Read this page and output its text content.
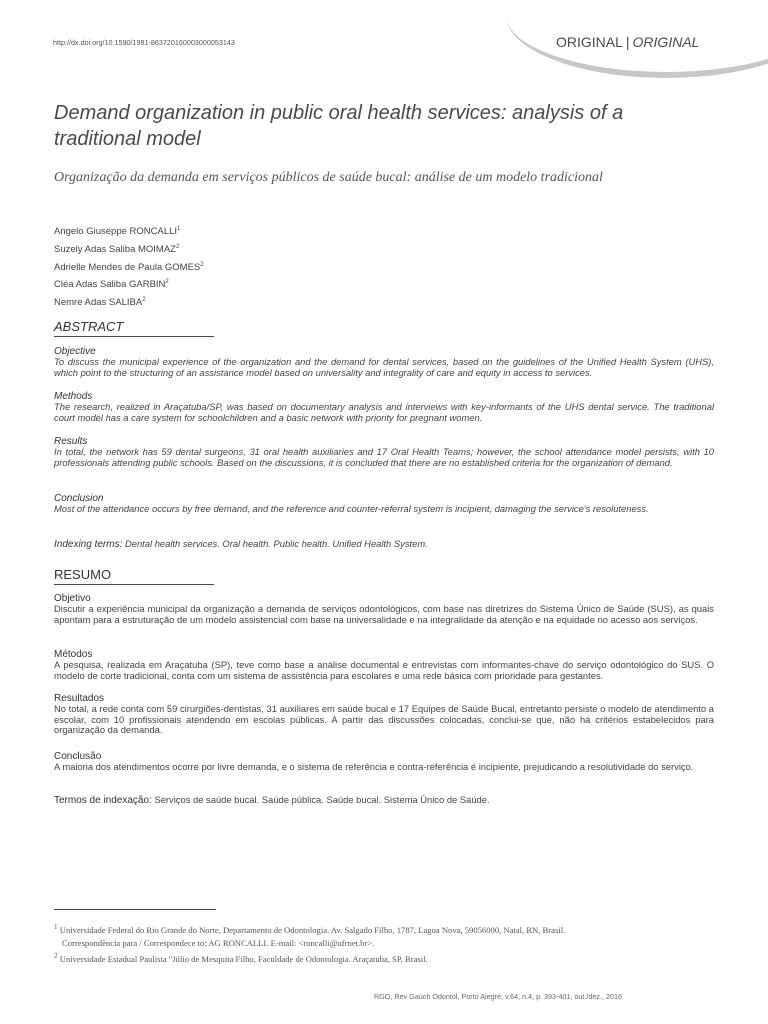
http://dx.doi.org/10.1590/1981-863720160003000053143	ORIGINAL | ORIGINAL
Demand organization in public oral health services: analysis of a traditional model
Organização da demanda em serviços públicos de saúde bucal: análise de um modelo tradicional
Angelo Giuseppe RONCALLI$^1$
Suzely Adas Saliba MOIMAZ$^2$
Adrielle Mendes de Paula GOMES$^2$
Cléa Adas Saliba GARBIN$^2$
Nemre Adas SALIBA$^2$
ABSTRACT
Objective
To discuss the municipal experience of the organization and the demand for dental services, based on the guidelines of the Unified Health System (UHS), which point to the structuring of an assistance model based on universality and integrality of care and equity in access to services.
Methods
The research, realized in Araçatuba/SP, was based on documentary analysis and interviews with key-informants of the UHS dental service. The traditional court model has a care system for schoolchildren and a basic network with priority for pregnant women.
Results
In total, the network has 59 dental surgeons, 31 oral health auxiliaries and 17 Oral Health Teams; however, the school attendance model persists, with 10 professionals attending public schools. Based on the discussions, it is concluded that there are no established criteria for the organization of demand.
Conclusion
Most of the attendance occurs by free demand, and the reference and counter-referral system is incipient, damaging the service's resoluteness.
Indexing terms: Dental health services. Oral health. Public health. Unified Health System.
RESUMO
Objetivo
Discutir a experiência municipal da organização a demanda de serviços odontológicos, com base nas diretrizes do Sistema Único de Saúde (SUS), as quais apontam para a estruturação de um modelo assistencial com base na universalidade e na integralidade da atenção e na equidade no acesso aos serviços.
Métodos
A pesquisa, realizada em Araçatuba (SP), teve como base a análise documental e entrevistas com informantes-chave do serviço odontológico do SUS. O modelo de corte tradicional, conta com um sistema de assistência para escolares e uma rede básica com prioridade para gestantes.
Resultados
No total, a rede conta com 59 cirurgiões-dentistas, 31 auxiliares em saúde bucal e 17 Equipes de Saúde Bucal, entretanto persiste o modelo de atendimento a escolar, com 10 profissionais atendendo em escolas públicas. A partir das discussões colocadas, conclui-se que, não há critérios estabelecidos para organização da demanda.
Conclusão
A maioria dos atendimentos ocorre por livre demanda, e o sistema de referência e contra-referência é incipiente, prejudicando a resolutividade do serviço.
Termos de indexação: Serviços de saúde bucal. Saúde pública. Saúde bucal. Sistema Único de Saúde.
$^1$ Universidade Federal do Rio Grande do Norte, Departamento de Odontologia. Av. Salgado Filho, 1787, Lagoa Nova, 59056000, Natal, RN, Brasil.
Correspondência para / Correspondece to: AG RONCALLI. E-mail: <roncalli@ufrnet.br>.
$^2$ Universidade Estadual Paulista "Júlio de Mesquita Filho, Faculdade de Odontologia. Araçatuba, SP, Brasil.
RGO, Rev Gaúch Odontol, Porto Alegre, v.64, n.4, p. 393-401, out./dez., 2016
